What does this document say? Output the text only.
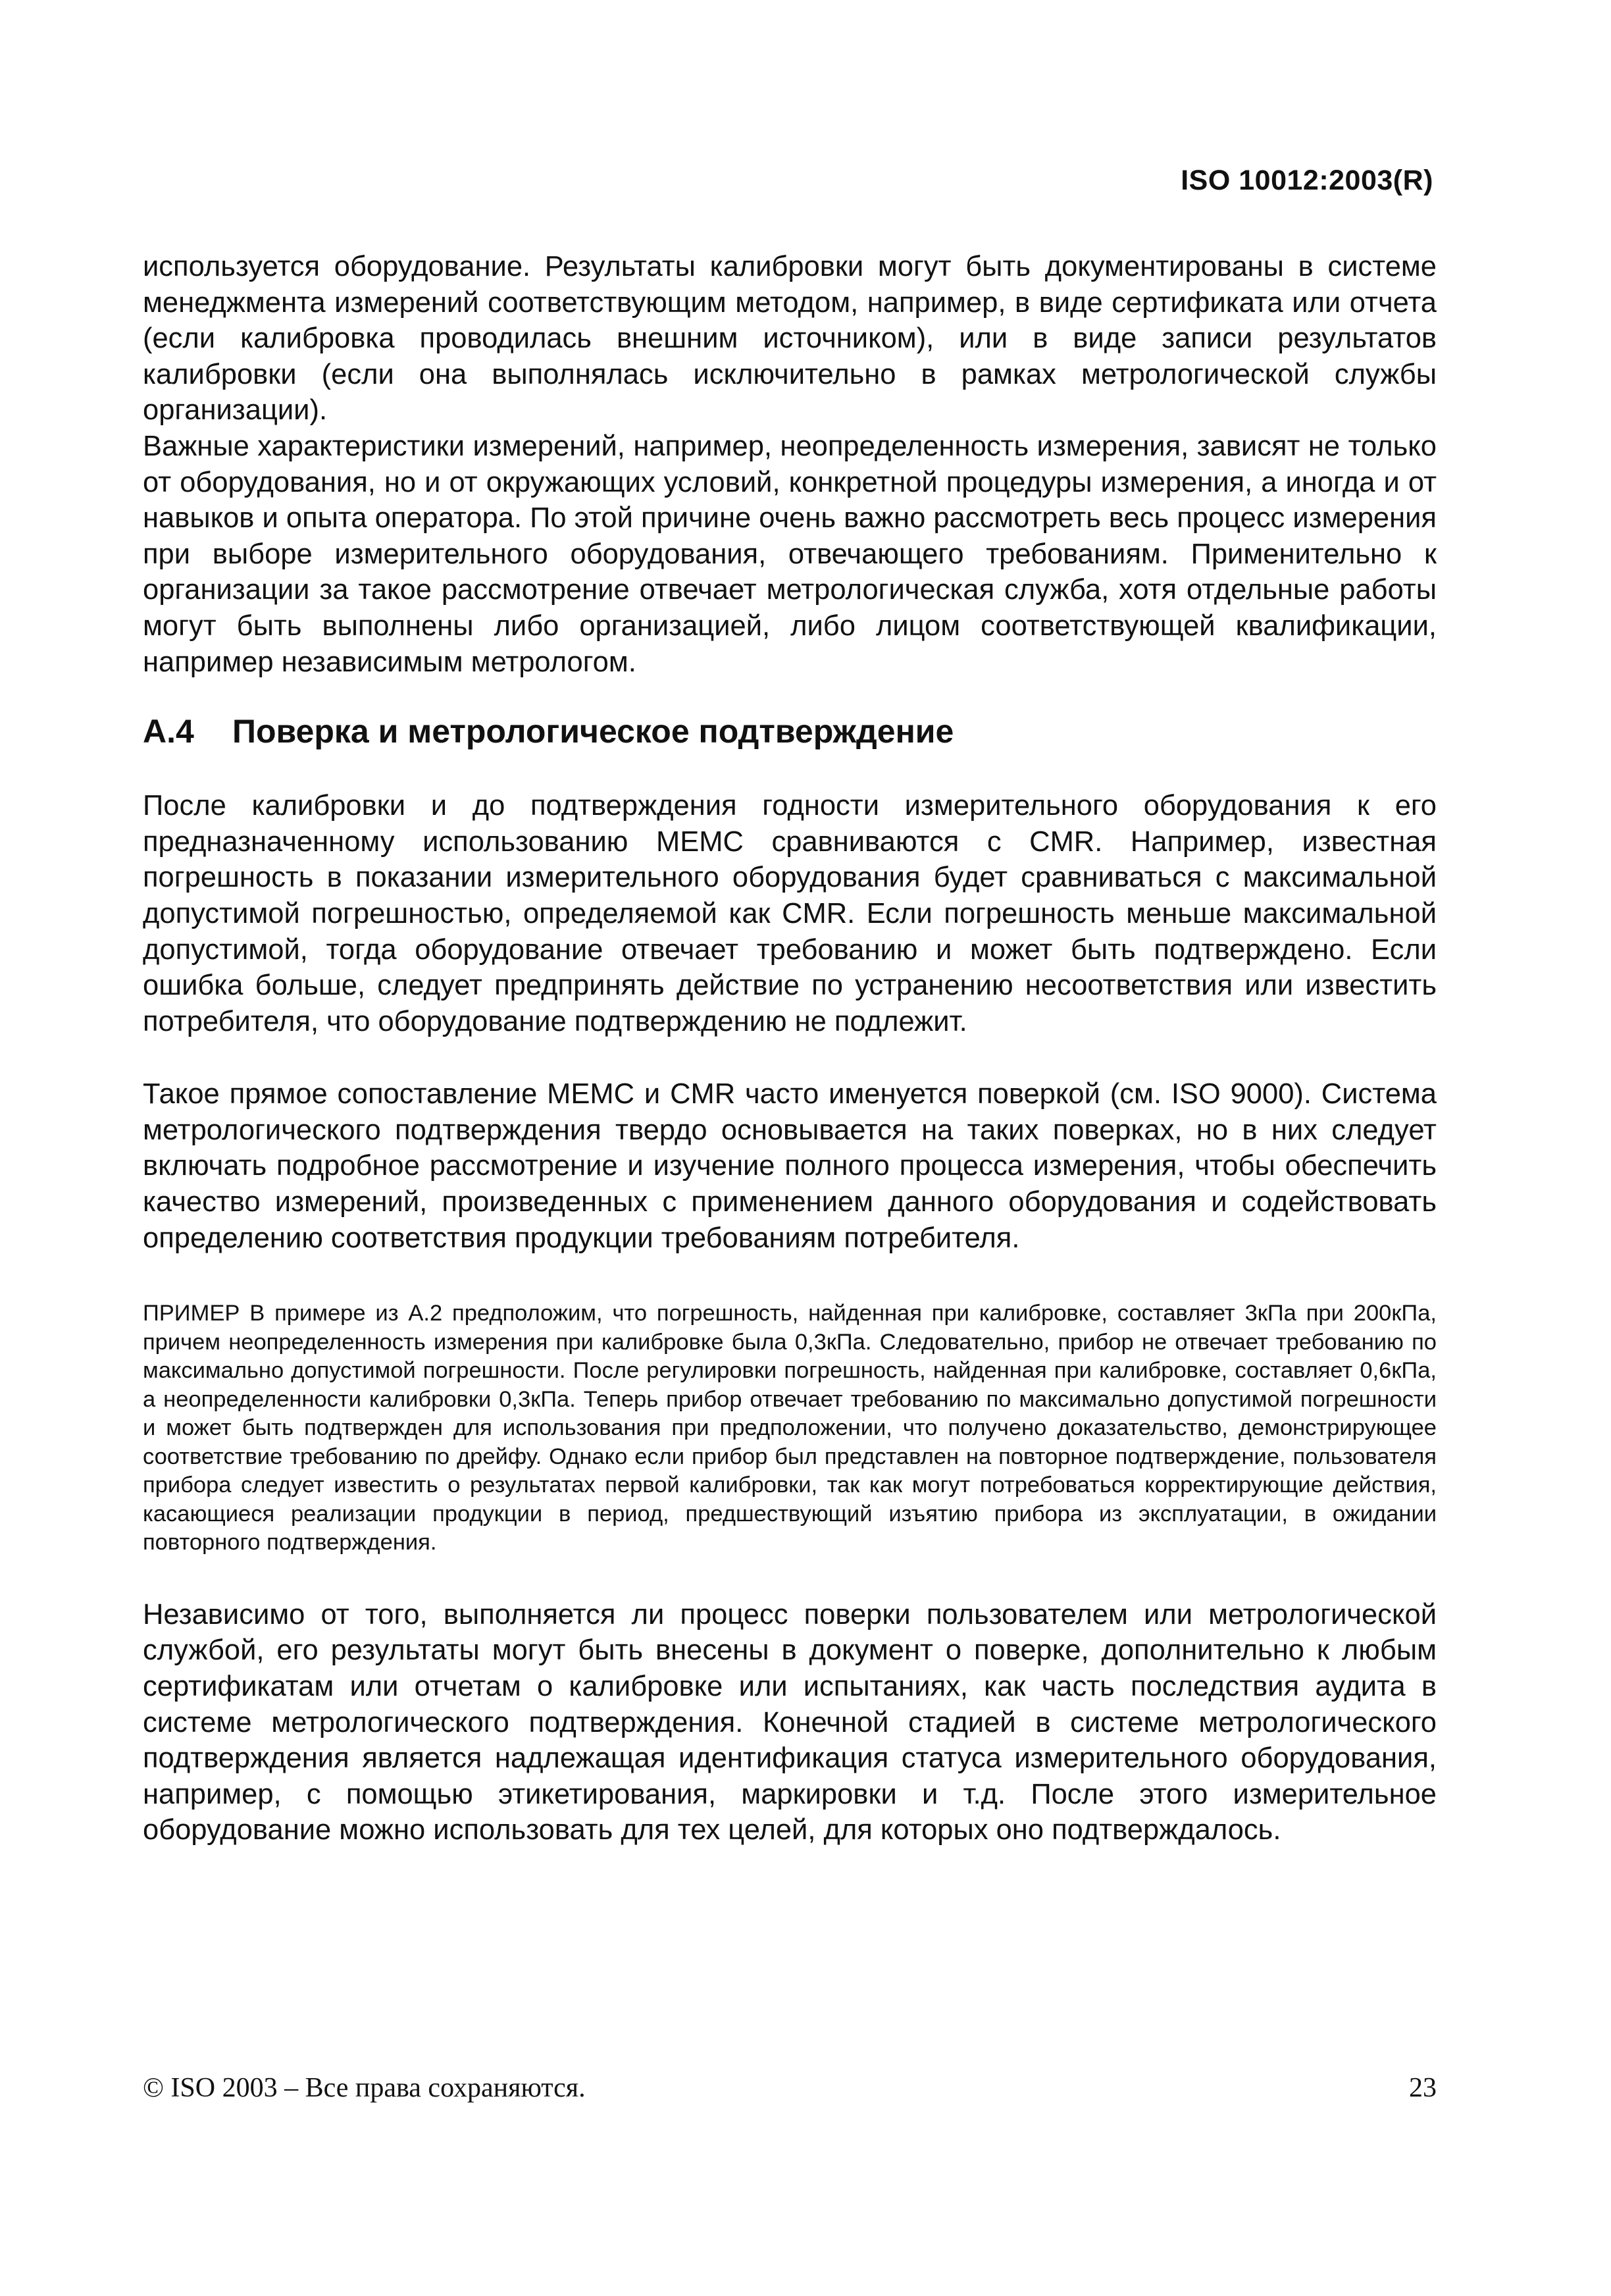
ISO 10012:2003(R)

используется оборудование. Результаты калибровки могут быть документированы в системе менеджмента измерений соответствующим методом, например, в виде сертификата или отчета (если калибровка проводилась внешним источником), или в виде записи результатов калибровки (если она выполнялась исключительно в рамках метрологической службы организации).

Важные характеристики измерений, например, неопределенность измерения, зависят не только от оборудования, но и от окружающих условий, конкретной процедуры измерения, а иногда и от навыков и опыта оператора. По этой причине очень важно рассмотреть весь процесс измерения при выборе измерительного оборудования, отвечающего требованиям. Применительно к организации за такое рассмотрение отвечает метрологическая служба, хотя отдельные работы могут быть выполнены либо организацией, либо лицом соответствующей квалификации, например независимым метрологом.

A.4 Поверка и метрологическое подтверждение

После калибровки и до подтверждения годности измерительного оборудования к его предназначенному использованию МЕМС сравниваются с CMR. Например, известная погрешность в показании измерительного оборудования будет сравниваться с максимальной допустимой погрешностью, определяемой как CMR. Если погрешность меньше максимальной допустимой, тогда оборудование отвечает требованию и может быть подтверждено. Если ошибка больше, следует предпринять действие по устранению несоответствия или известить потребителя, что оборудование подтверждению не подлежит.

Такое прямое сопоставление МЕМС и CMR часто именуется поверкой (см. ISO 9000). Система метрологического подтверждения твердо основывается на таких поверках, но в них следует включать подробное рассмотрение и изучение полного процесса измерения, чтобы обеспечить качество измерений, произведенных с применением данного оборудования и содействовать определению соответствия продукции требованиям потребителя.

ПРИМЕР В примере из А.2 предположим, что погрешность, найденная при калибровке, составляет 3кПа при 200кПа, причем неопределенность измерения при калибровке была 0,3кПа. Следовательно, прибор не отвечает требованию по максимально допустимой погрешности. После регулировки погрешность, найденная при калибровке, составляет 0,6кПа, а неопределенности калибровки 0,3кПа. Теперь прибор отвечает требованию по максимально допустимой погрешности и может быть подтвержден для использования при предположении, что получено доказательство, демонстрирующее соответствие требованию по дрейфу. Однако если прибор был представлен на повторное подтверждение, пользователя прибора следует известить о результатах первой калибровки, так как могут потребоваться корректирующие действия, касающиеся реализации продукции в период, предшествующий изъятию прибора из эксплуатации, в ожидании повторного подтверждения.

Независимо от того, выполняется ли процесс поверки пользователем или метрологической службой, его результаты могут быть внесены в документ о поверке, дополнительно к любым сертификатам или отчетам о калибровке или испытаниях, как часть последствия аудита в системе метрологического подтверждения. Конечной стадией в системе метрологического подтверждения является надлежащая идентификация статуса измерительного оборудования, например, с помощью этикетирования, маркировки и т.д. После этого измерительное оборудование можно использовать для тех целей, для которых оно подтверждалось.

© ISO 2003 – Все права сохраняются.	23
